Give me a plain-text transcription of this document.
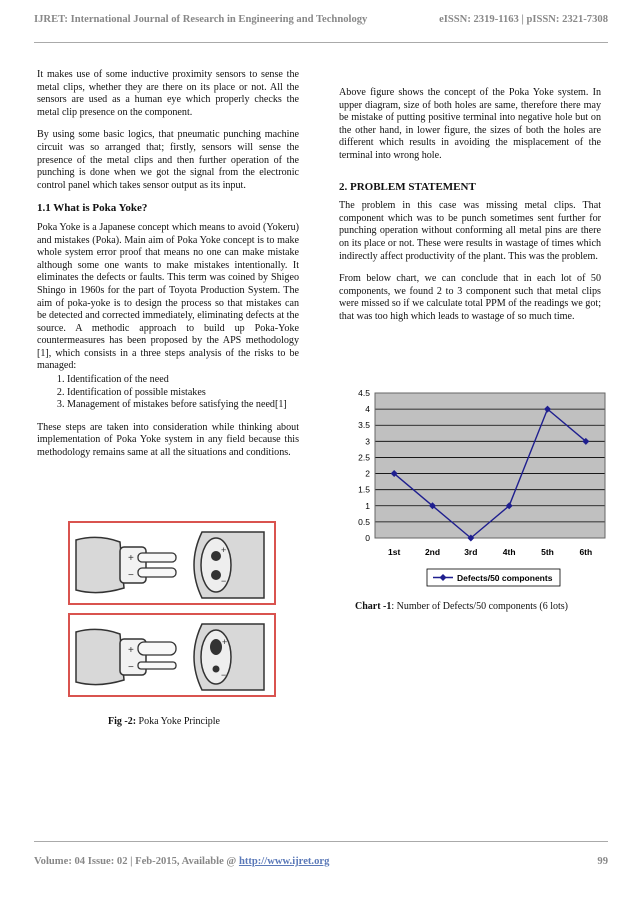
IJRET: International Journal of Research in Engineering and Technology	eISSN: 2319-1163 | pISSN: 2321-7308

It makes use of some inductive proximity sensors to sense the metal clips, whether they are there on its place or not. All the sensors are used as a human eye which properly checks the metal clip presence on the component.

By using some basic logics, that pneumatic punching machine circuit was so arranged that; firstly, sensors will sense the presence of the metal clips and then further operation of the punching is done when we got the signal from the electronic control panel which takes sensor output as its input.

1.1 What is Poka Yoke?

Poka Yoke is a Japanese concept which means to avoid (Yokeru) and mistakes (Poka). Main aim of Poka Yoke concept is to make whole system error proof that means no one can make mistake although some one wants to make mistakes intentionally. It eliminates the defects or faults. This term was coined by Shigeo Shingo in 1960s for the part of Toyota Production System. The aim of poka-yoke is to design the process so that mistakes can be detected and corrected immediately, eliminating defects at the source. A methodic approach to build up Poka-Yoke countermeasures has been proposed by the APS methodology [1], which consists in a three steps analysis of the risks to be managed:

1. Identification of the need
2. Identification of possible mistakes
3. Management of mistakes before satisfying the need[1]

These steps are taken into consideration while thinking about implementation of Poka Yoke system in any field because this methodology remains same at all the situations and conditions.

+
−
+
−
+
−
+
−
Fig -2: Poka Yoke Principle

Above figure shows the concept of the Poka Yoke system. In upper diagram, size of both holes are same, therefore there may be mistake of putting positive terminal into negative hole but on the other hand, in lower figure, the sizes of both the holes are different which results in avoiding the misplacement of the terminal into wrong hole.

2. PROBLEM STATEMENT

The problem in this case was missing metal clips. That component which was to be punch sometimes sent further for punching operation without conforming all metal pins are there on its place or not. These were results in wastage of times which indirectly affect productivity of the plant. This was the problem.

From below chart, we can conclude that in each lot of 50 components, we found 2 to 3 component such that metal clips were missed so if we calculate total PPM of the readings we got; that was too high which leads to wastage of so much time.

0
0.5
1
1.5
2
2.5
3
3.5
4
4.5
1st	2nd	3rd	4th	5th	6th
Defects/50 components
Chart -1: Number of Defects/50 components (6 lots)
Volume: 04 Issue: 02 | Feb-2015, Available @ http://www.ijret.org	99
